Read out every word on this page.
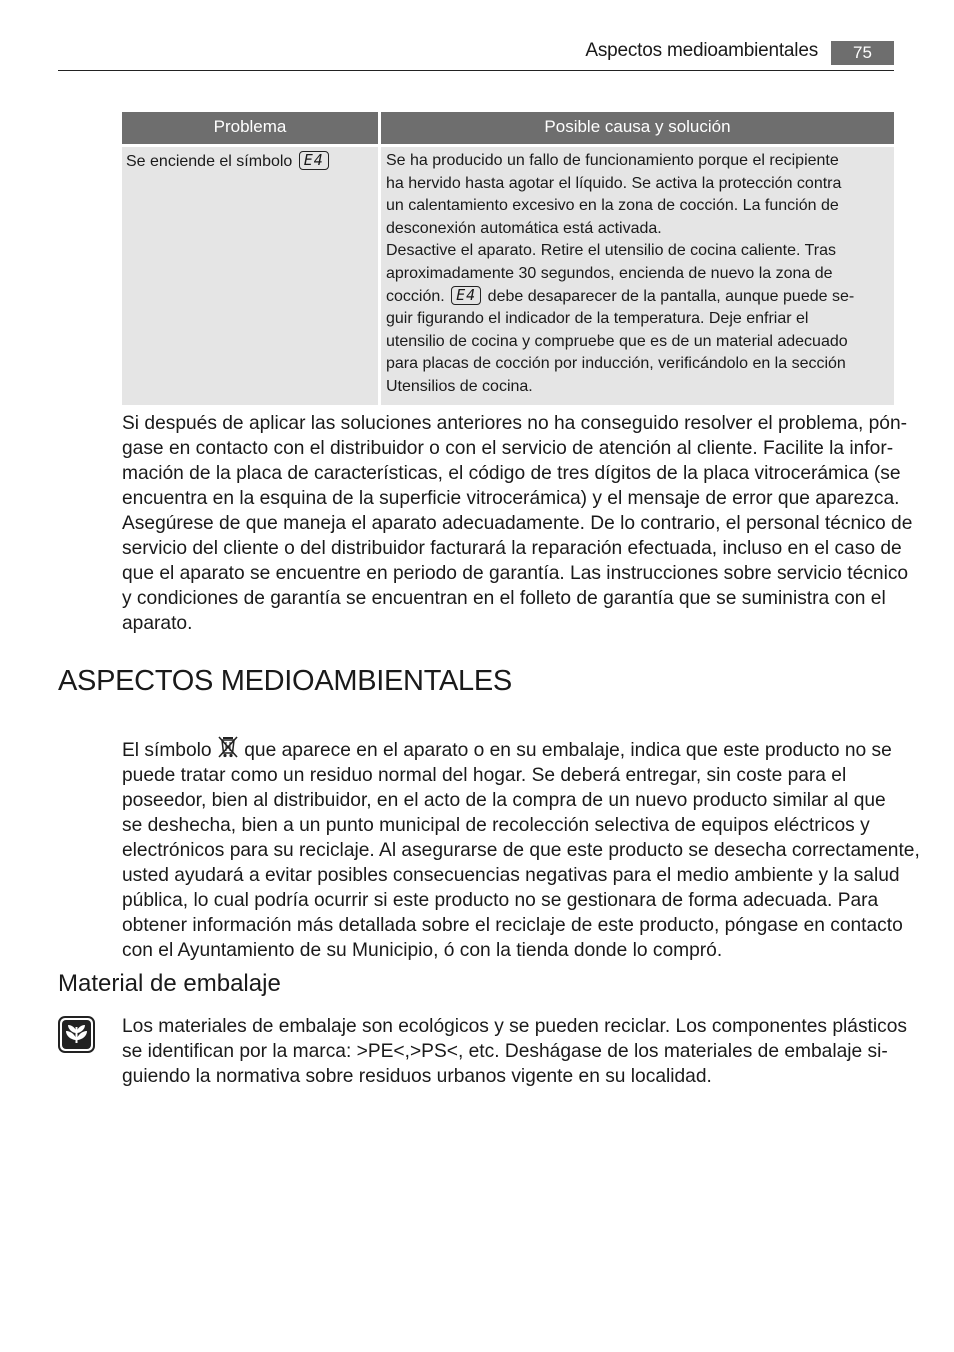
Aspectos medioambientales	75
Problema	Posible causa y solución
Se enciende el símbolo E4	Se ha producido un fallo de funcionamiento porque el recipiente
ha hervido hasta agotar el líquido. Se activa la protección contra
un calentamiento excesivo en la zona de cocción. La función de
desconexión automática está activada.
Desactive el aparato. Retire el utensilio de cocina caliente. Tras
aproximadamente 30 segundos, encienda de nuevo la zona de
cocción. E4 debe desaparecer de la pantalla, aunque puede se-
guir figurando el indicador de la temperatura. Deje enfriar el
utensilio de cocina y compruebe que es de un material adecuado
para placas de cocción por inducción, verificándolo en la sección
Utensilios de cocina.
Si después de aplicar las soluciones anteriores no ha conseguido resolver el problema, pón-
gase en contacto con el distribuidor o con el servicio de atención al cliente. Facilite la infor-
mación de la placa de características, el código de tres dígitos de la placa vitrocerámica (se
encuentra en la esquina de la superficie vitrocerámica) y el mensaje de error que aparezca.
Asegúrese de que maneja el aparato adecuadamente. De lo contrario, el personal técnico de
servicio del cliente o del distribuidor facturará la reparación efectuada, incluso en el caso de
que el aparato se encuentre en periodo de garantía. Las instrucciones sobre servicio técnico
y condiciones de garantía se encuentran en el folleto de garantía que se suministra con el
aparato.
ASPECTOS MEDIOAMBIENTALES
El símbolo que aparece en el aparato o en su embalaje, indica que este producto no se
puede tratar como un residuo normal del hogar. Se deberá entregar, sin coste para el
poseedor, bien al distribuidor, en el acto de la compra de un nuevo producto similar al que
se deshecha, bien a un punto municipal de recolección selectiva de equipos eléctricos y
electrónicos para su reciclaje. Al asegurarse de que este producto se desecha correctamente,
usted ayudará a evitar posibles consecuencias negativas para el medio ambiente y la salud
pública, lo cual podría ocurrir si este producto no se gestionara de forma adecuada. Para
obtener información más detallada sobre el reciclaje de este producto, póngase en contacto
con el Ayuntamiento de su Municipio, ó con la tienda donde lo compró.
Material de embalaje
Los materiales de embalaje son ecológicos y se pueden reciclar. Los componentes plásticos
se identifican por la marca: >PE<,>PS<, etc. Deshágase de los materiales de embalaje si-
guiendo la normativa sobre residuos urbanos vigente en su localidad.
